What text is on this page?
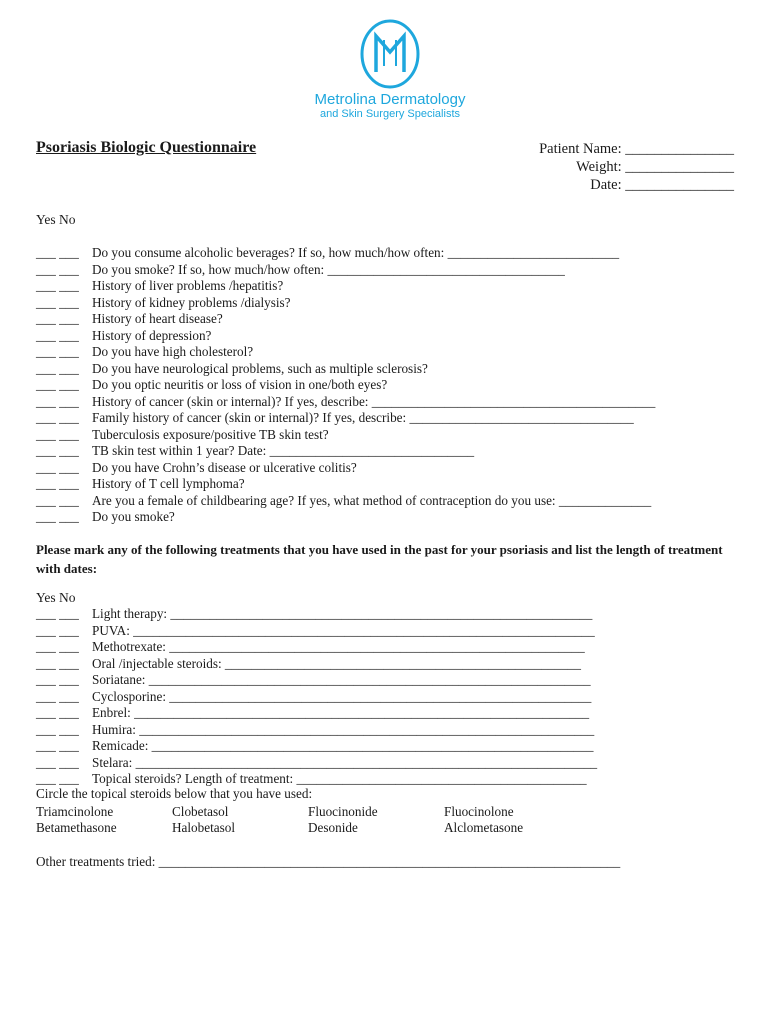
Metrolina Dermatology
and Skin Surgery Specialists
Psoriasis Biologic Questionnaire	Patient Name: _______________
Weight: _______________
Date: _______________
Yes No
___ ___ Do you consume alcoholic beverages? If so, how much/how often: __________________________
___ ___ Do you smoke? If so, how much/how often: ____________________________________
___ ___ History of liver problems /hepatitis?
___ ___ History of kidney problems /dialysis?
___ ___ History of heart disease?
___ ___ History of depression?
___ ___ Do you have high cholesterol?
___ ___ Do you have neurological problems, such as multiple sclerosis?
___ ___ Do you optic neuritis or loss of vision in one/both eyes?
___ ___ History of cancer (skin or internal)? If yes, describe: ___________________________________________
___ ___ Family history of cancer (skin or internal)? If yes, describe: __________________________________
___ ___ Tuberculosis exposure/positive TB skin test?
___ ___ TB skin test within 1 year? Date: _______________________________
___ ___ Do you have Crohn’s disease or ulcerative colitis?
___ ___ History of T cell lymphoma?
___ ___ Are you a female of childbearing age? If yes, what method of contraception do you use: ______________
___ ___ Do you smoke?
Please mark any of the following treatments that you have used in the past for your psoriasis and list the length of treatment with dates:
Yes No
___ ___ Light therapy: ________________________________________________________________
___ ___ PUVA: ______________________________________________________________________
___ ___ Methotrexate: _______________________________________________________________
___ ___ Oral /injectable steroids: ______________________________________________________
___ ___ Soriatane: ___________________________________________________________________
___ ___ Cyclosporine: ________________________________________________________________
___ ___ Enbrel: _____________________________________________________________________
___ ___ Humira: _____________________________________________________________________
___ ___ Remicade: ___________________________________________________________________
___ ___ Stelara: ______________________________________________________________________
___ ___ Topical steroids? Length of treatment: ____________________________________________
Circle the topical steroids below that you have used:
Triamcinolone	Clobetasol	Fluocinonide	Fluocinolone
Betamethasone	Halobetasol	Desonide	Alclometasone
Other treatments tried: ______________________________________________________________________
